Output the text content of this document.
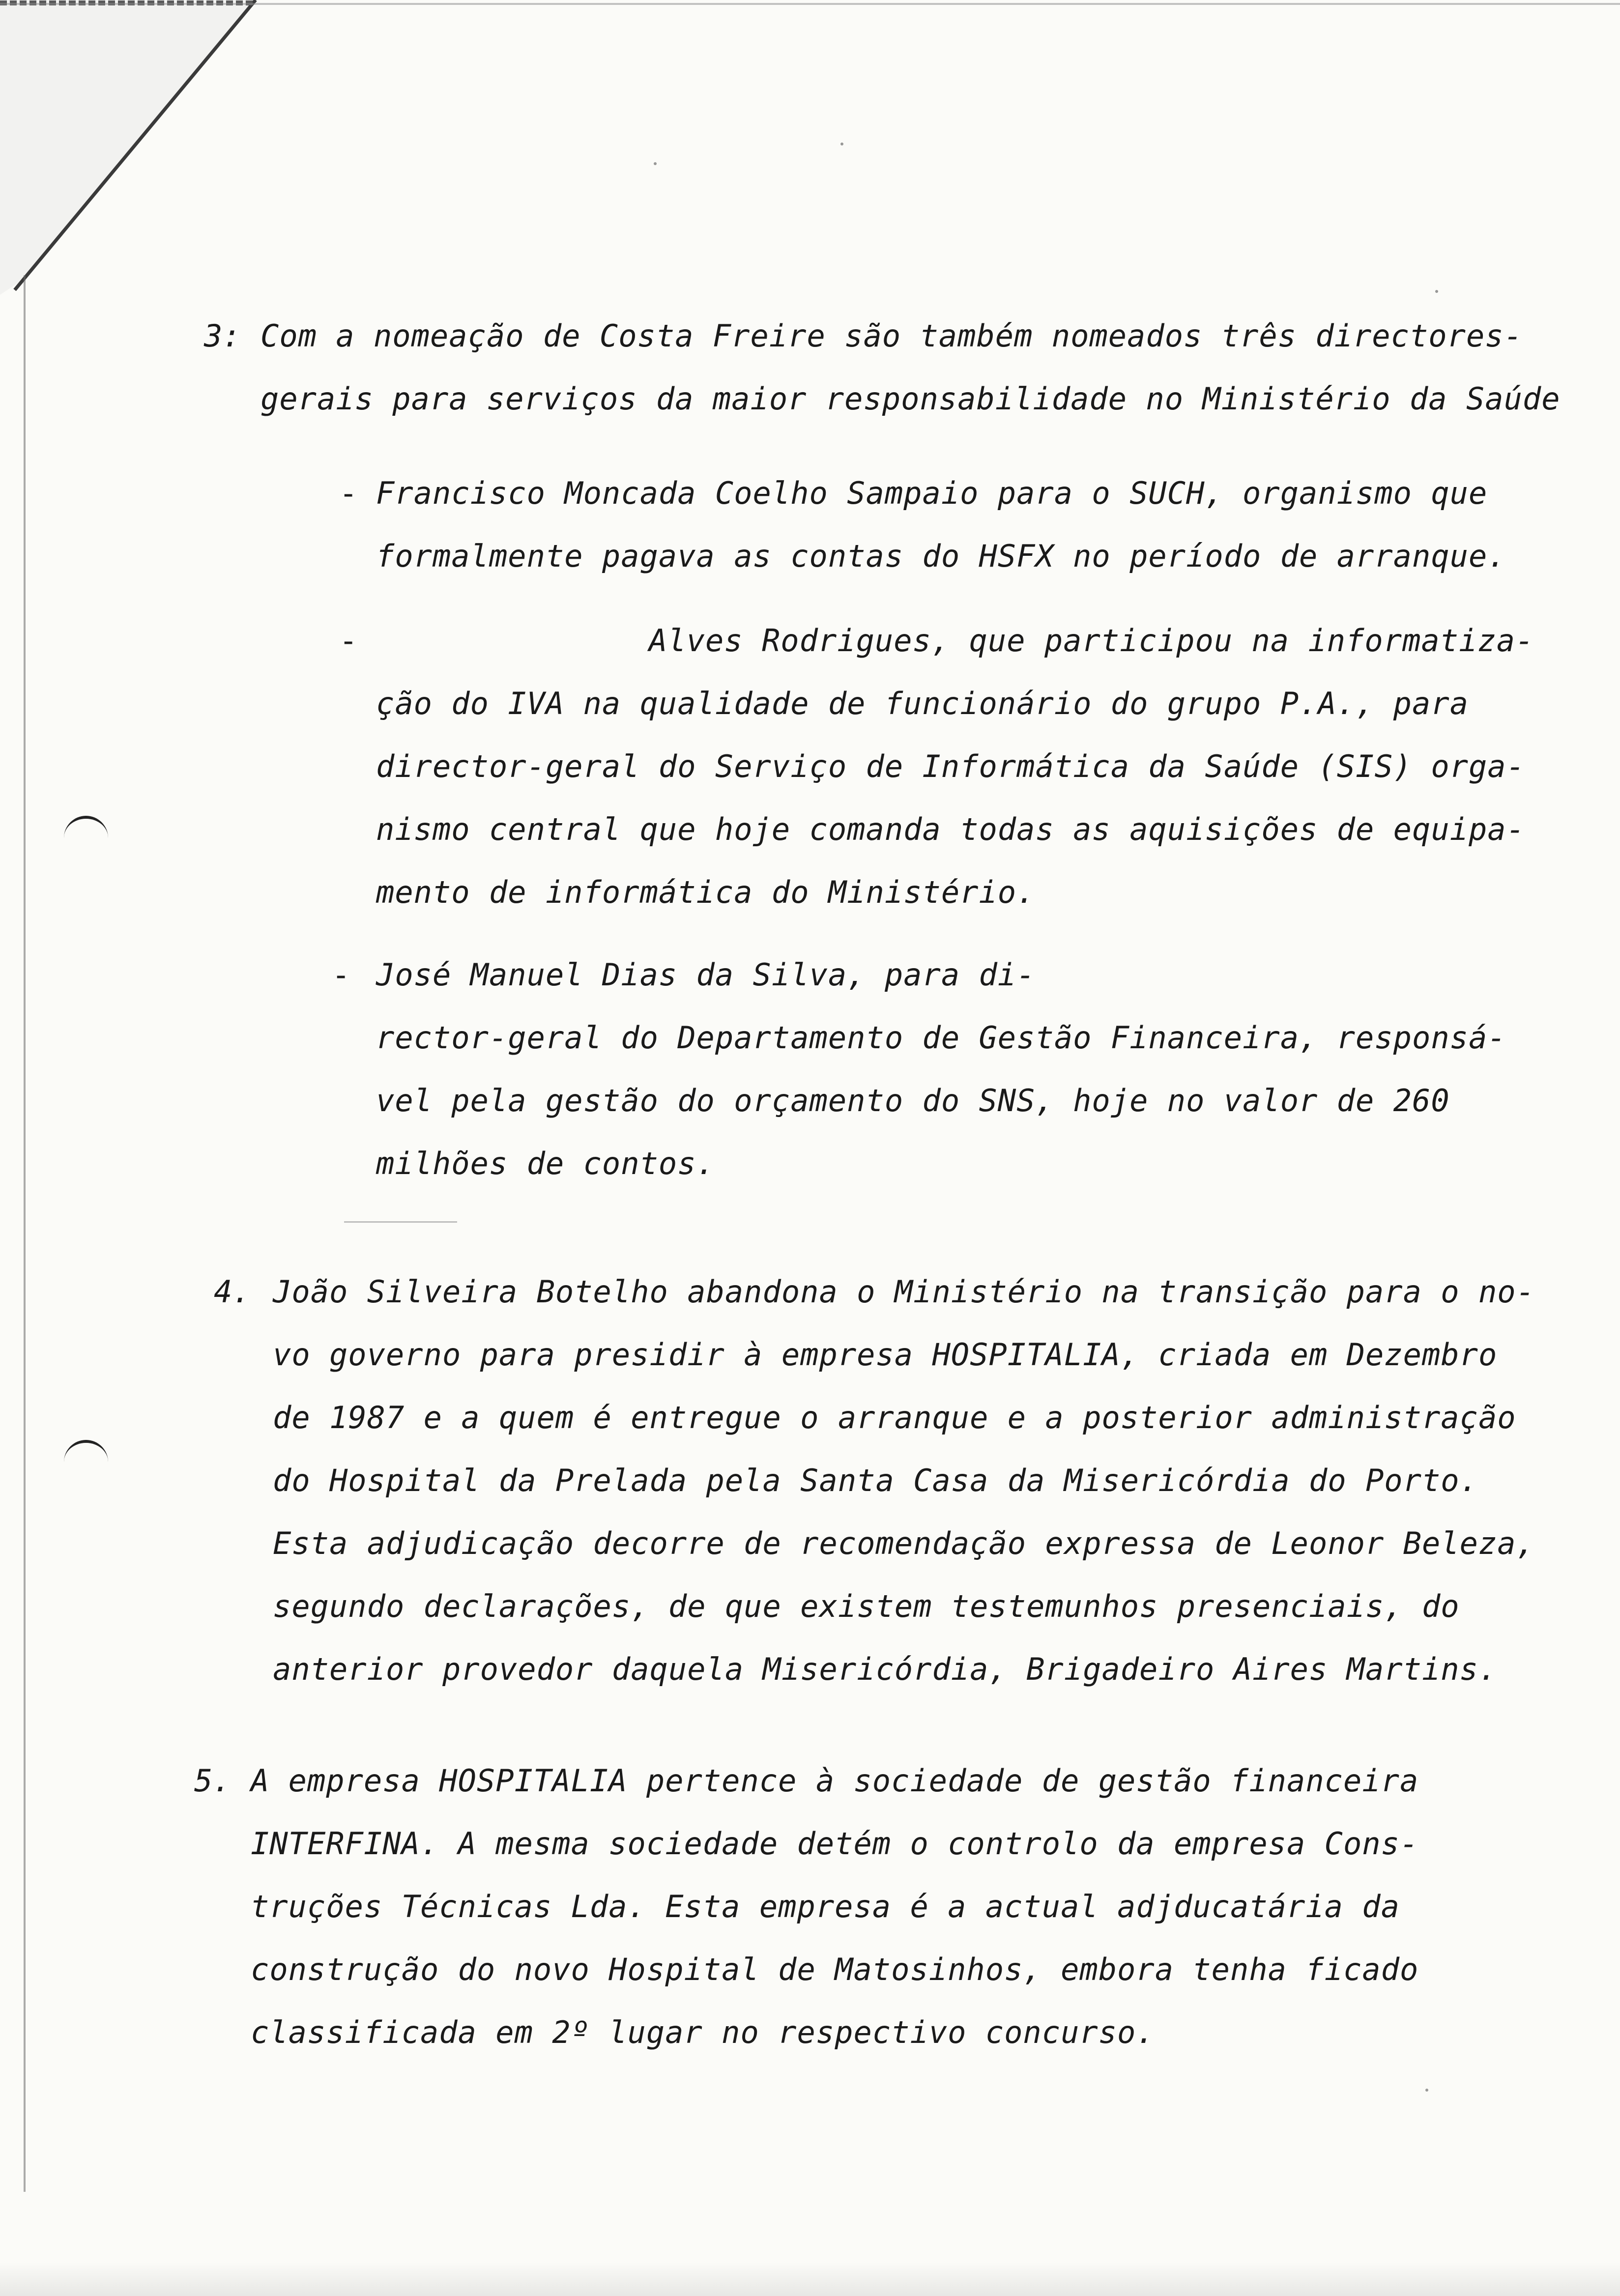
3: Com a nomeação de Costa Freire são também nomeados três directores-
gerais para serviços da maior responsabilidade no Ministério da Saúde
- Francisco Moncada Coelho Sampaio para o SUCH, organismo que
formalmente pagava as contas do HSFX no período de arranque.
-	Alves Rodrigues, que participou na informatiza-
ção do IVA na qualidade de funcionário do grupo P.A., para
director-geral do Serviço de Informática da Saúde (SIS) orga-
nismo central que hoje comanda todas as aquisições de equipa-
mento de informática do Ministério.
- José Manuel Dias da Silva, para di-
rector-geral do Departamento de Gestão Financeira, responsá-
vel pela gestão do orçamento do SNS, hoje no valor de 260
milhões de contos.
4. João Silveira Botelho abandona o Ministério na transição para o no-
vo governo para presidir à empresa HOSPITALIA, criada em Dezembro
de 1987 e a quem é entregue o arranque e a posterior administração
do Hospital da Prelada pela Santa Casa da Misericórdia do Porto.
Esta adjudicação decorre de recomendação expressa de Leonor Beleza,
segundo declarações, de que existem testemunhos presenciais, do
anterior provedor daquela Misericórdia, Brigadeiro Aires Martins.
5. A empresa HOSPITALIA pertence à sociedade de gestão financeira
INTERFINA. A mesma sociedade detém o controlo da empresa Cons-
truções Técnicas Lda. Esta empresa é a actual adjducatária da
construção do novo Hospital de Matosinhos, embora tenha ficado
classificada em 2º lugar no respectivo concurso.
